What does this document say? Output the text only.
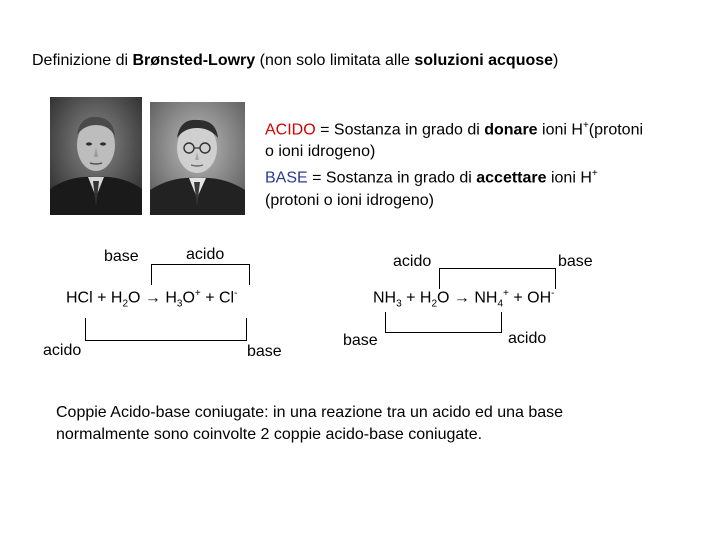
Definizione di Brønsted-Lowry (non solo limitata alle soluzioni acquose)
ACIDO = Sostanza in grado di donare ioni H+(protoni
o ioni idrogeno)
BASE = Sostanza in grado di accettare ioni H+
(protoni o ioni idrogeno)
base	acido
HCl + $H_2O \to H_3O^+ + Cl^-$
acido	base
acido	base
$NH_3 + H_2O \to NH_4^+ + OH^-$
base	acido
Coppie Acido-base coniugate: in una reazione tra un acido ed una base
normalmente sono coinvolte 2 coppie acido-base coniugate.
